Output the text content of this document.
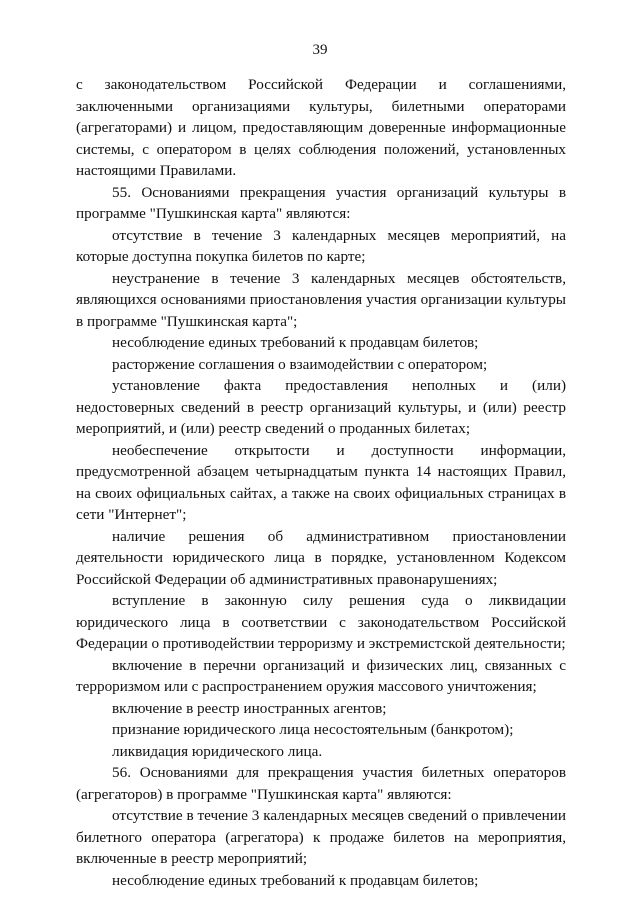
39

с законодательством Российской Федерации и соглашениями, заключенными организациями культуры, билетными операторами (агрегаторами) и лицом, предоставляющим доверенные информационные системы, с оператором в целях соблюдения положений, установленных настоящими Правилами.

55. Основаниями прекращения участия организаций культуры в программе "Пушкинская карта" являются:

отсутствие в течение 3 календарных месяцев мероприятий, на которые доступна покупка билетов по карте;

неустранение в течение 3 календарных месяцев обстоятельств, являющихся основаниями приостановления участия организации культуры в программе "Пушкинская карта";

несоблюдение единых требований к продавцам билетов;

расторжение соглашения о взаимодействии с оператором;

установление факта предоставления неполных и (или) недостоверных сведений в реестр организаций культуры, и (или) реестр мероприятий, и (или) реестр сведений о проданных билетах;

необеспечение открытости и доступности информации, предусмотренной абзацем четырнадцатым пункта 14 настоящих Правил, на своих официальных сайтах, а также на своих официальных страницах в сети "Интернет";

наличие решения об административном приостановлении деятельности юридического лица в порядке, установленном Кодексом Российской Федерации об административных правонарушениях;

вступление в законную силу решения суда о ликвидации юридического лица в соответствии с законодательством Российской Федерации о противодействии терроризму и экстремистской деятельности;

включение в перечни организаций и физических лиц, связанных с терроризмом или с распространением оружия массового уничтожения;

включение в реестр иностранных агентов;

признание юридического лица несостоятельным (банкротом);

ликвидация юридического лица.

56. Основаниями для прекращения участия билетных операторов (агрегаторов) в программе "Пушкинская карта" являются:

отсутствие в течение 3 календарных месяцев сведений о привлечении билетного оператора (агрегатора) к продаже билетов на мероприятия, включенные в реестр мероприятий;

несоблюдение единых требований к продавцам билетов;
